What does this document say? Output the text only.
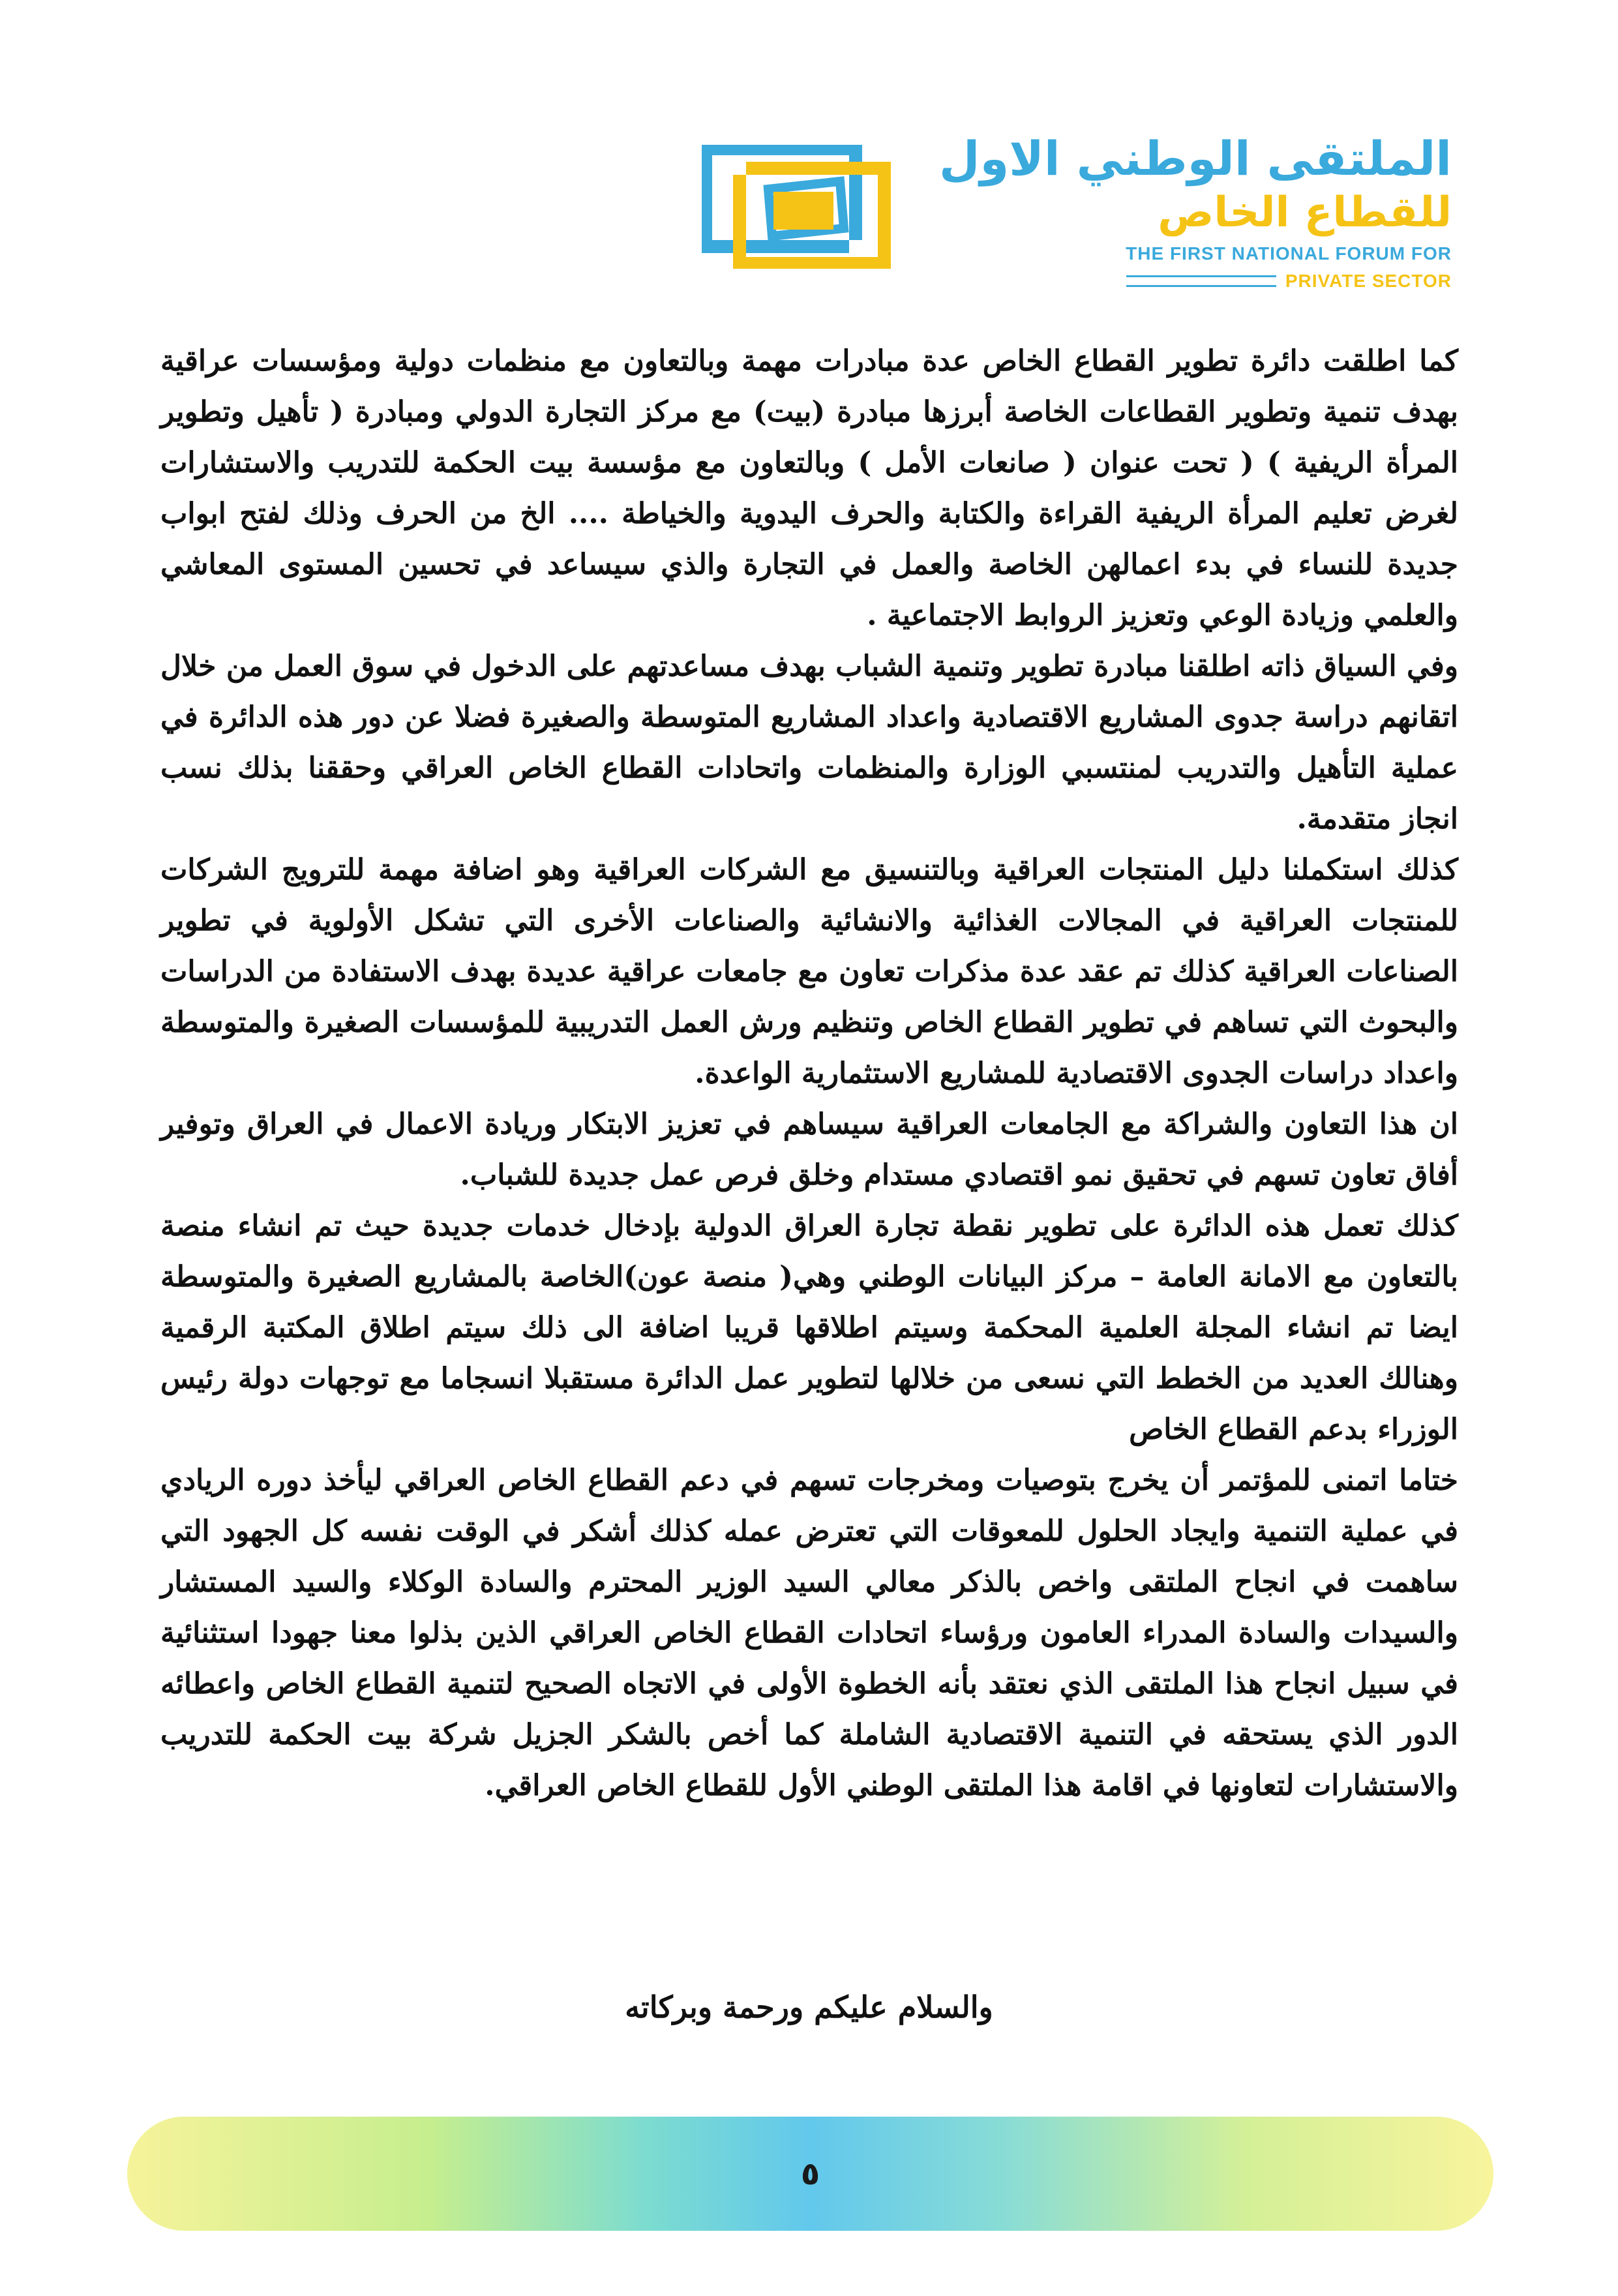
الملتقى الوطني الاول
للقطاع الخاص
THE FIRST NATIONAL FORUM FOR
PRIVATE SECTOR

كما اطلقت دائرة تطوير القطاع الخاص عدة مبادرات مهمة وبالتعاون مع منظمات دولية ومؤسسات عراقية بهدف تنمية وتطوير القطاعات الخاصة أبرزها مبادرة (بيت) مع مركز التجارة الدولي ومبادرة ( تأهيل وتطوير المرأة الريفية ) ( تحت عنوان ( صانعات الأمل ) وبالتعاون مع مؤسسة بيت الحكمة للتدريب والاستشارات لغرض تعليم المرأة الريفية القراءة والكتابة والحرف اليدوية والخياطة .... الخ من الحرف وذلك لفتح ابواب جديدة للنساء في بدء اعمالهن الخاصة والعمل في التجارة والذي سيساعد في تحسين المستوى المعاشي والعلمي وزيادة الوعي وتعزيز الروابط الاجتماعية .

وفي السياق ذاته اطلقنا مبادرة تطوير وتنمية الشباب بهدف مساعدتهم على الدخول في سوق العمل من خلال اتقانهم دراسة جدوى المشاريع الاقتصادية واعداد المشاريع المتوسطة والصغيرة فضلا عن دور هذه الدائرة في عملية التأهيل والتدريب لمنتسبي الوزارة والمنظمات واتحادات القطاع الخاص العراقي وحققنا بذلك نسب انجاز متقدمة.

كذلك استكملنا دليل المنتجات العراقية وبالتنسيق مع الشركات العراقية وهو اضافة مهمة للترويج الشركات للمنتجات العراقية في المجالات الغذائية والانشائية والصناعات الأخرى التي تشكل الأولوية في تطوير الصناعات العراقية كذلك تم عقد عدة مذكرات تعاون مع جامعات عراقية عديدة بهدف الاستفادة من الدراسات والبحوث التي تساهم في تطوير القطاع الخاص وتنظيم ورش العمل التدريبية للمؤسسات الصغيرة والمتوسطة واعداد دراسات الجدوى الاقتصادية للمشاريع الاستثمارية الواعدة.

ان هذا التعاون والشراكة مع الجامعات العراقية سيساهم في تعزيز الابتكار وريادة الاعمال في العراق وتوفير أفاق تعاون تسهم في تحقيق نمو اقتصادي مستدام وخلق فرص عمل جديدة للشباب.

كذلك تعمل هذه الدائرة على تطوير نقطة تجارة العراق الدولية بإدخال خدمات جديدة حيث تم انشاء منصة بالتعاون مع الامانة العامة – مركز البيانات الوطني وهي( منصة عون)الخاصة بالمشاريع الصغيرة والمتوسطة ايضا تم انشاء المجلة العلمية المحكمة وسيتم اطلاقها قريبا اضافة الى ذلك سيتم اطلاق المكتبة الرقمية وهنالك العديد من الخطط التي نسعى من خلالها لتطوير عمل الدائرة مستقبلا انسجاما مع توجهات دولة رئيس الوزراء بدعم القطاع الخاص

ختاما اتمنى للمؤتمر أن يخرج بتوصيات ومخرجات تسهم في دعم القطاع الخاص العراقي ليأخذ دوره الريادي في عملية التنمية وايجاد الحلول للمعوقات التي تعترض عمله كذلك أشكر في الوقت نفسه كل الجهود التي ساهمت في انجاح الملتقى واخص بالذكر معالي السيد الوزير المحترم والسادة الوكلاء والسيد المستشار والسيدات والسادة المدراء العامون ورؤساء اتحادات القطاع الخاص العراقي الذين بذلوا معنا جهودا استثنائية في سبيل انجاح هذا الملتقى الذي نعتقد بأنه الخطوة الأولى في الاتجاه الصحيح لتنمية القطاع الخاص واعطائه الدور الذي يستحقه في التنمية الاقتصادية الشاملة كما أخص بالشكر الجزيل شركة بيت الحكمة للتدريب والاستشارات لتعاونها في اقامة هذا الملتقى الوطني الأول للقطاع الخاص العراقي.

والسلام عليكم ورحمة وبركاته
٥
